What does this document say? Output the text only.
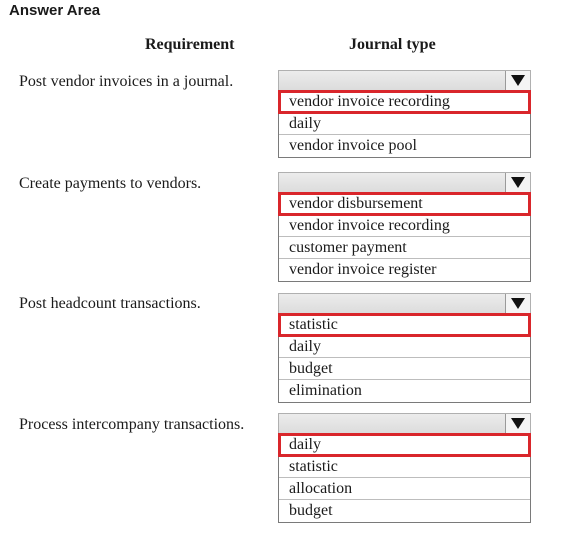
Answer Area
Requirement	Journal type
Post vendor invoices in a journal.
vendor invoice recording
daily
vendor invoice pool
Create payments to vendors.
vendor disbursement
vendor invoice recording
customer payment
vendor invoice register
Post headcount transactions.
statistic
daily
budget
elimination
Process intercompany transactions.
daily
statistic
allocation
budget
